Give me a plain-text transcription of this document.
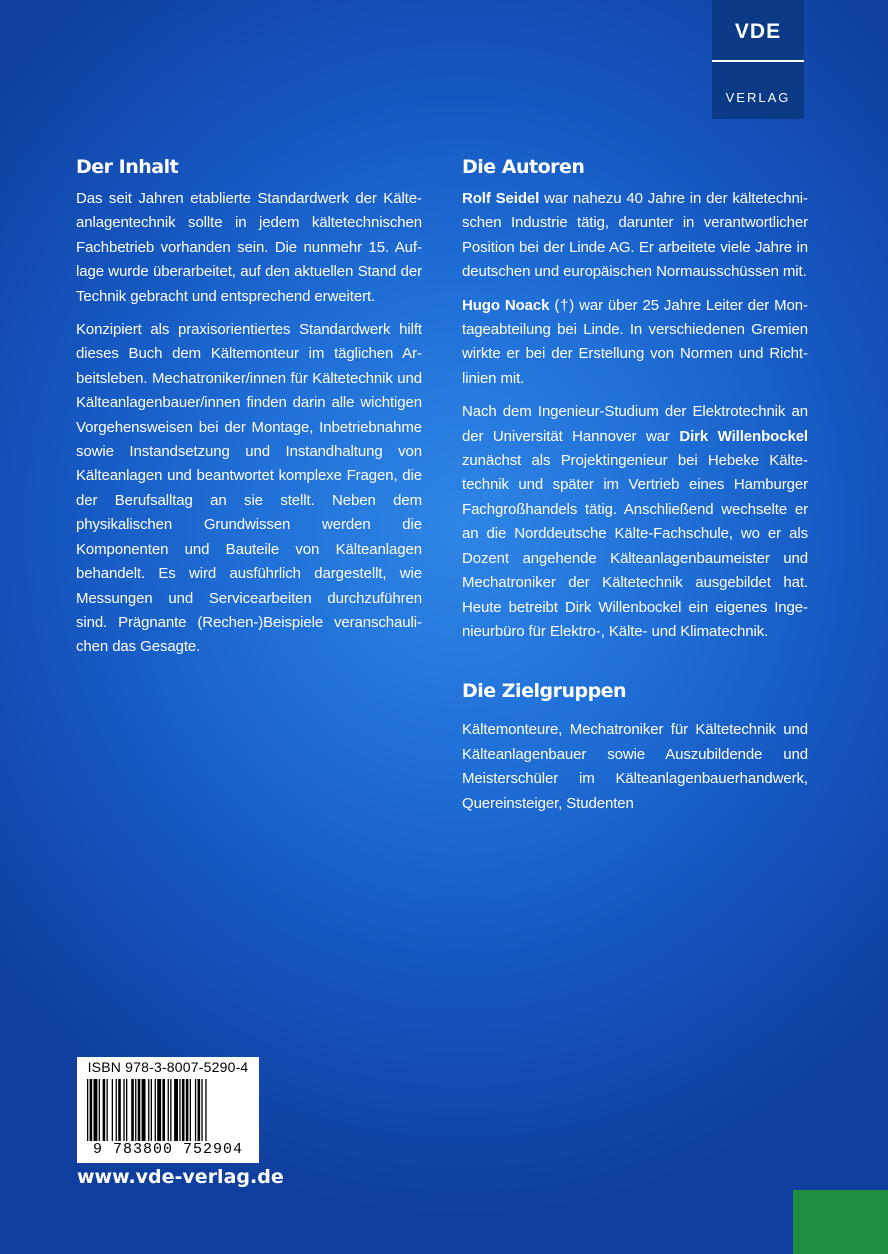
VDE
VERLAG
Der Inhalt

Das seit Jahren etablierte Standardwerk der Kälteanlagentechnik sollte in jedem kältetechnischen Fachbetrieb vorhanden sein. Die nunmehr 15. Auflage wurde überarbeitet, auf den aktuellen Stand der Technik gebracht und entsprechend erweitert.

Konzipiert als praxisorientiertes Standardwerk hilft dieses Buch dem Kältemonteur im täglichen Arbeitsleben. Mechatroniker/innen für Kältetechnik und Kälteanlagenbauer/innen finden darin alle wichtigen Vorgehensweisen bei der Montage, Inbetriebnahme sowie Instandsetzung und Instandhaltung von Kälteanlagen und beantwortet komplexe Fragen, die der Berufsalltag an sie stellt. Neben dem physikalischen Grundwissen werden die Komponenten und Bauteile von Kälteanlagen behandelt. Es wird ausführlich dargestellt, wie Messungen und Servicearbeiten durchzuführen sind. Prägnante (Rechen-)Beispiele veranschaulichen das Gesagte.

Die Autoren

Rolf Seidel war nahezu 40 Jahre in der kältetechnischen Industrie tätig, darunter in verantwortlicher Position bei der Linde AG. Er arbeitete viele Jahre in deutschen und europäischen Normausschüssen mit.

Hugo Noack (†) war über 25 Jahre Leiter der Montageabteilung bei Linde. In verschiedenen Gremien wirkte er bei der Erstellung von Normen und Richtlinien mit.

Nach dem Ingenieur-Studium der Elektrotechnik an der Universität Hannover war Dirk Willenbockel zunächst als Projektingenieur bei Hebeke Kältetechnik und später im Vertrieb eines Hamburger Fachgroßhandels tätig. Anschließend wechselte er an die Norddeutsche Kälte-Fachschule, wo er als Dozent angehende Kälteanlagenbaumeister und Mechatroniker der Kältetechnik ausgebildet hat. Heute betreibt Dirk Willenbockel ein eigenes Ingenieurbüro für Elektro-, Kälte- und Klimatechnik.

Die Zielgruppen

Kältemonteure, Mechatroniker für Kältetechnik und Kälteanlagenbauer sowie Auszubildende und Meisterschüler im Kälteanlagenbauerhandwerk, Quereinsteiger, Studenten

ISBN 978-3-8007-5290-4
9 783800 752904
www.vde-verlag.de
